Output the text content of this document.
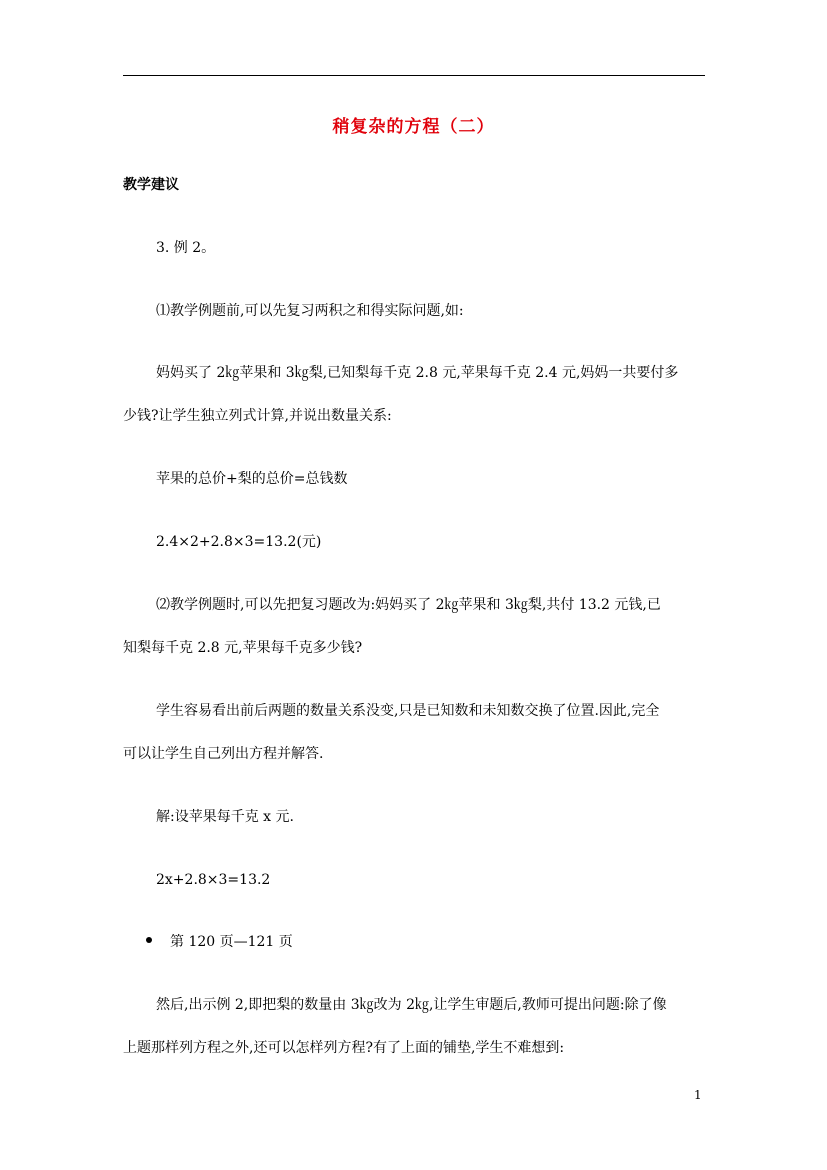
稍复杂的方程（二）
教学建议
3. 例 2。
⑴教学例题前,可以先复习两积之和得实际问题,如:
妈妈买了 2㎏苹果和 3㎏梨,已知梨每千克 2.8 元,苹果每千克 2.4 元,妈妈一共要付多
少钱?让学生独立列式计算,并说出数量关系:
苹果的总价+梨的总价=总钱数
2.4×2+2.8×3=13.2(元)
⑵教学例题时,可以先把复习题改为:妈妈买了 2㎏苹果和 3㎏梨,共付 13.2 元钱,已
知梨每千克 2.8 元,苹果每千克多少钱?
学生容易看出前后两题的数量关系没变,只是已知数和未知数交换了位置.因此,完全
可以让学生自己列出方程并解答.
解:设苹果每千克 x 元.
2x+2.8×3=13.2
第 120 页—121 页
然后,出示例 2,即把梨的数量由 3㎏改为 2㎏,让学生审题后,教师可提出问题:除了像
上题那样列方程之外,还可以怎样列方程?有了上面的铺垫,学生不难想到:
1
